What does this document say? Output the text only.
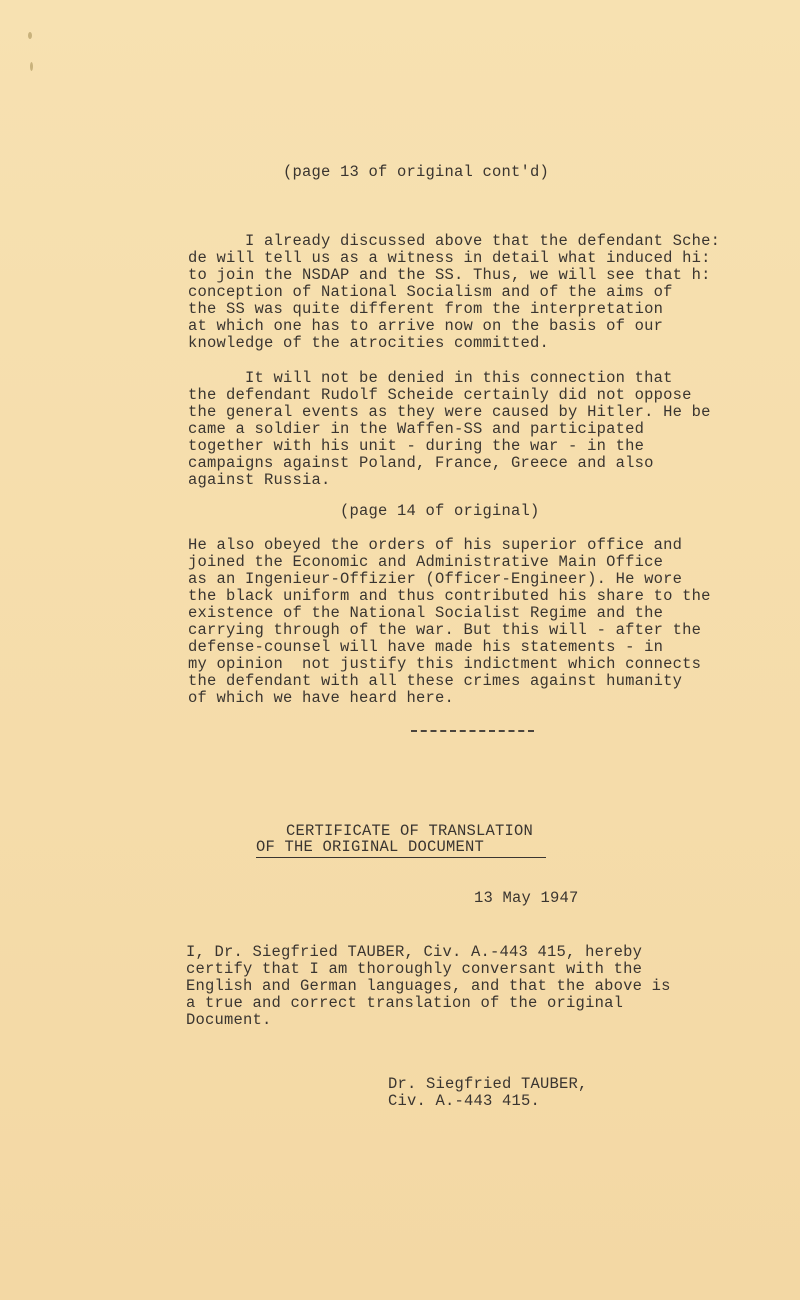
(page 13 of original cont'd)
I already discussed above that the defendant Sche:
de will tell us as a witness in detail what induced hi:
to join the NSDAP and the SS. Thus, we will see that h:
conception of National Socialism and of the aims of
the SS was quite different from the interpretation
at which one has to arrive now on the basis of our
knowledge of the atrocities committed.
It will not be denied in this connection that
the defendant Rudolf Scheide certainly did not oppose
the general events as they were caused by Hitler. He be
came a soldier in the Waffen-SS and participated
together with his unit - during the war - in the
campaigns against Poland, France, Greece and also
against Russia.
(page 14 of original)
He also obeyed the orders of his superior office and
joined the Economic and Administrative Main Office
as an Ingenieur-Offizier (Officer-Engineer). He wore
the black uniform and thus contributed his share to the
existence of the National Socialist Regime and the
carrying through of the war. But this will - after the
defense-counsel will have made his statements - in
my opinion  not justify this indictment which connects
the defendant with all these crimes against humanity
of which we have heard here.
CERTIFICATE OF TRANSLATION
OF THE ORIGINAL DOCUMENT
13 May 1947
I, Dr. Siegfried TAUBER, Civ. A.-443 415, hereby
certify that I am thoroughly conversant with the
English and German languages, and that the above is
a true and correct translation of the original
Document.
Dr. Siegfried TAUBER,
Civ. A.-443 415.
